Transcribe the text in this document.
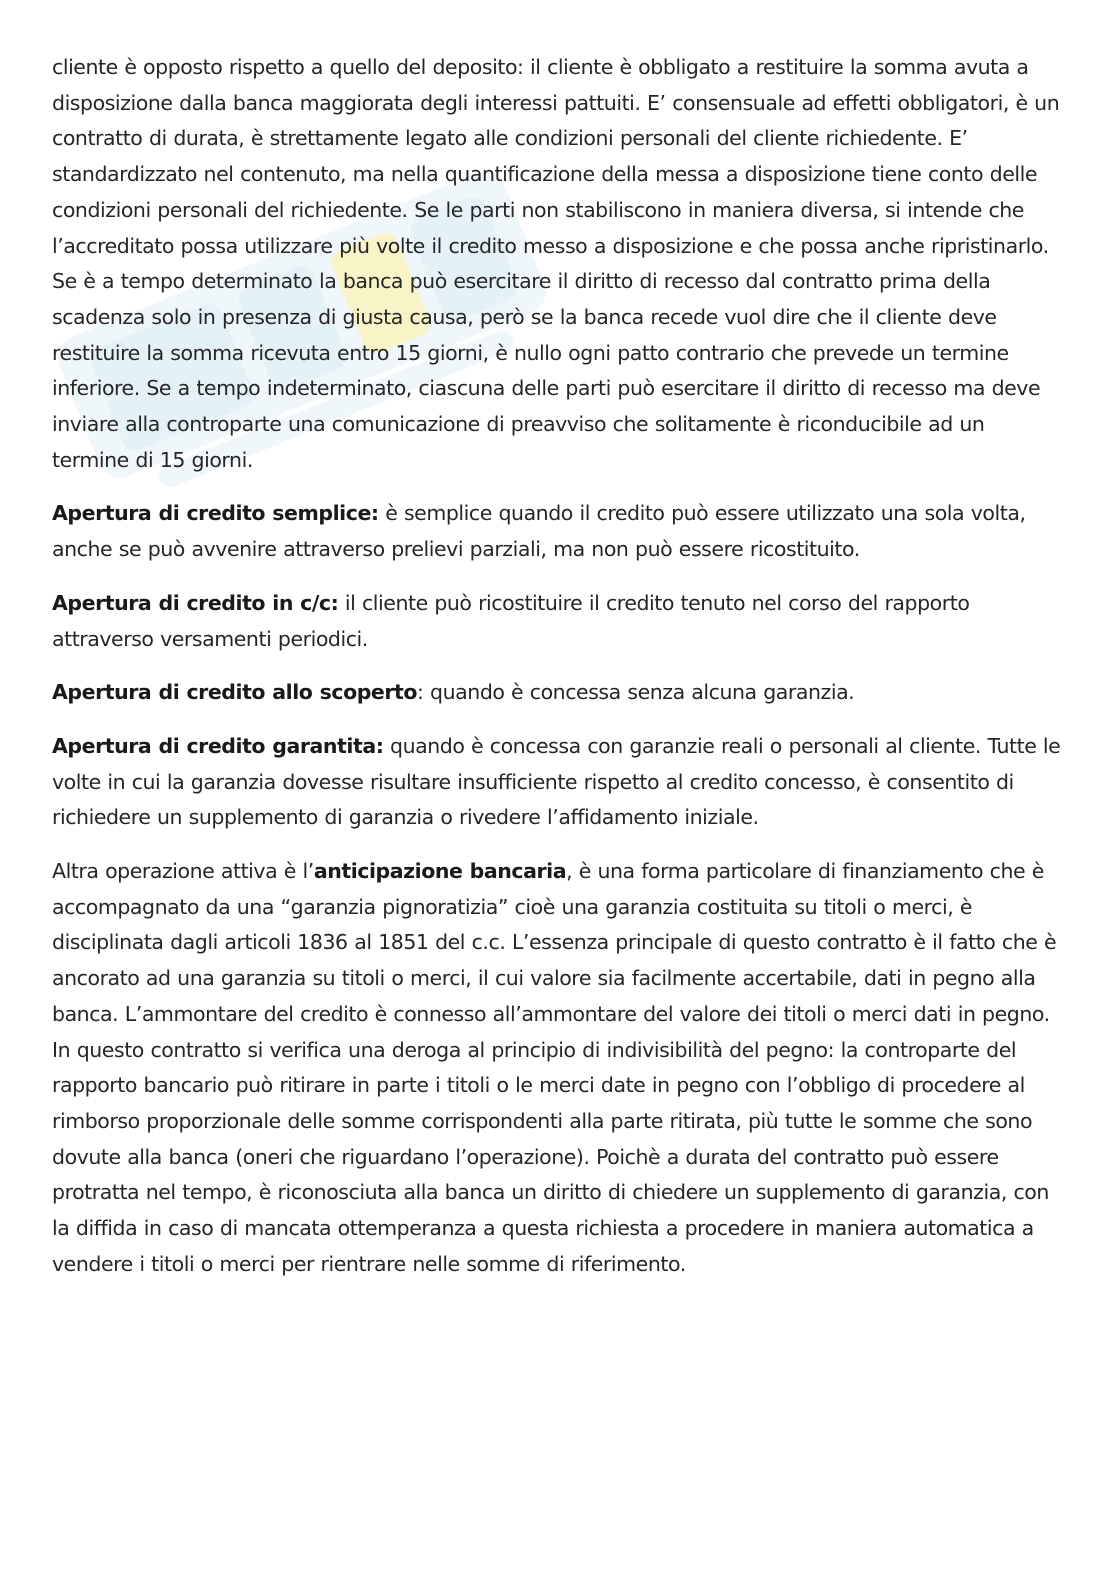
cliente è opposto rispetto a quello del deposito: il cliente è obbligato a restituire la somma avuta a disposizione dalla banca maggiorata degli interessi pattuiti. E’ consensuale ad effetti obbligatori, è un contratto di durata, è strettamente legato alle condizioni personali del cliente richiedente. E’ standardizzato nel contenuto, ma nella quantificazione della messa a disposizione tiene conto delle condizioni personali del richiedente. Se le parti non stabiliscono in maniera diversa, si intende che l’accreditato possa utilizzare più volte il credito messo a disposizione e che possa anche ripristinarlo. Se è a tempo determinato la banca può esercitare il diritto di recesso dal contratto prima della scadenza solo in presenza di giusta causa, però se la banca recede vuol dire che il cliente deve restituire la somma ricevuta entro 15 giorni, è nullo ogni patto contrario che prevede un termine inferiore. Se a tempo indeterminato, ciascuna delle parti può esercitare il diritto di recesso ma deve inviare alla controparte una comunicazione di preavviso che solitamente è riconducibile ad un termine di 15 giorni.

Apertura di credito semplice: è semplice quando il credito può essere utilizzato una sola volta, anche se può avvenire attraverso prelievi parziali, ma non può essere ricostituito.

Apertura di credito in c/c: il cliente può ricostituire il credito tenuto nel corso del rapporto attraverso versamenti periodici.

Apertura di credito allo scoperto: quando è concessa senza alcuna garanzia.

Apertura di credito garantita: quando è concessa con garanzie reali o personali al cliente. Tutte le volte in cui la garanzia dovesse risultare insufficiente rispetto al credito concesso, è consentito di richiedere un supplemento di garanzia o rivedere l’affidamento iniziale.

Altra operazione attiva è l’anticipazione bancaria, è una forma particolare di finanziamento che è accompagnato da una “garanzia pignoratizia” cioè una garanzia costituita su titoli o merci, è disciplinata dagli articoli 1836 al 1851 del c.c. L’essenza principale di questo contratto è il fatto che è ancorato ad una garanzia su titoli o merci, il cui valore sia facilmente accertabile, dati in pegno alla banca. L’ammontare del credito è connesso all’ammontare del valore dei titoli o merci dati in pegno. In questo contratto si verifica una deroga al principio di indivisibilità del pegno: la controparte del rapporto bancario può ritirare in parte i titoli o le merci date in pegno con l’obbligo di procedere al rimborso proporzionale delle somme corrispondenti alla parte ritirata, più tutte le somme che sono dovute alla banca (oneri che riguardano l’operazione). Poichè a durata del contratto può essere protratta nel tempo, è riconosciuta alla banca un diritto di chiedere un supplemento di garanzia, con la diffida in caso di mancata ottemperanza a questa richiesta a procedere in maniera automatica a vendere i titoli o merci per rientrare nelle somme di riferimento.
